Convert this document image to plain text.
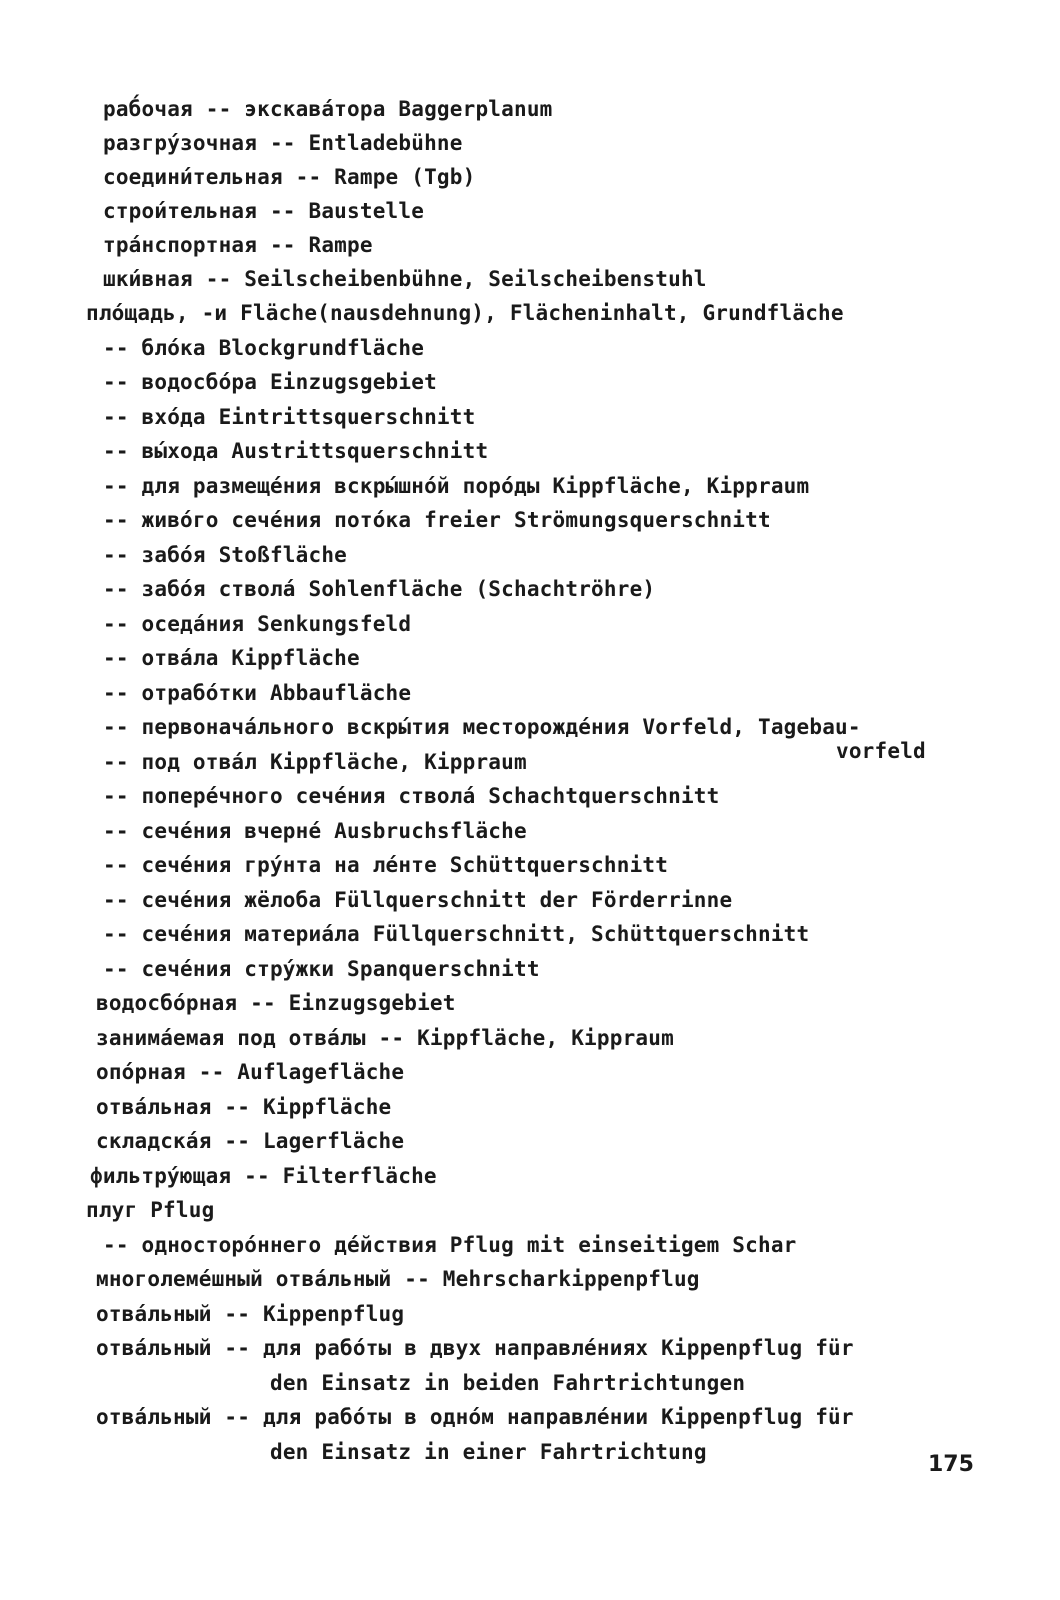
раб́очая -- экскава́тора Baggerplanum
разгру́зочная -- Entladebühne
соедини́тельная -- Rampe (Tgb)
строи́тельная -- Baustelle
тра́нспортная -- Rampe
шки́вная -- Seilscheibenbühne, Seilscheibenstuhl
пло́щадь, -и Fläche(nausdehnung), Flächeninhalt, Grundfläche
-- бло́ка Blockgrundfläche
-- водосбо́ра Einzugsgebiet
-- вхо́да Eintrittsquerschnitt
-- вы́хода Austrittsquerschnitt
-- для размеще́ния вскры́шно́й поро́ды Kippfläche, Kippraum
-- живо́го сече́ния пото́ка freier Strömungsquerschnitt
-- забо́я Stoßfläche
-- забо́я ствола́ Sohlenfläche (Schachtröhre)
-- оседа́ния Senkungsfeld
-- отва́ла Kippfläche
-- отрабо́тки Abbaufläche
-- первонача́льного вскры́тия месторожде́ния Vorfeld, Tagebau-
vorfeld
-- под отва́л Kippfläche, Kippraum
-- попере́чного сече́ния ствола́ Schachtquerschnitt
-- сече́ния вчерне́ Ausbruchsfläche
-- сече́ния гру́нта на ле́нте Schüttquerschnitt
-- сече́ния жёлоба Füllquerschnitt der Förderrinne
-- сече́ния материа́ла Füllquerschnitt, Schüttquerschnitt
-- сече́ния стру́жки Spanquerschnitt
водосбо́рная -- Einzugsgebiet
занима́емая под отва́лы -- Kippfläche, Kippraum
опо́рная -- Auflagefläche
отва́льная -- Kippfläche
складска́я -- Lagerfläche
фильтру́ющая -- Filterfläche
плуг Pflug
-- односторо́ннего де́йствия Pflug mit einseitigem Schar
многолеме́шный отва́льный -- Mehrscharkippenpflug
отва́льный -- Kippenpflug
отва́льный -- для рабо́ты в двух направле́ниях Kippenpflug für
den Einsatz in beiden Fahrtrichtungen
отва́льный -- для рабо́ты в одно́м направле́нии Kippenpflug für
den Einsatz in einer Fahrtrichtung	175
